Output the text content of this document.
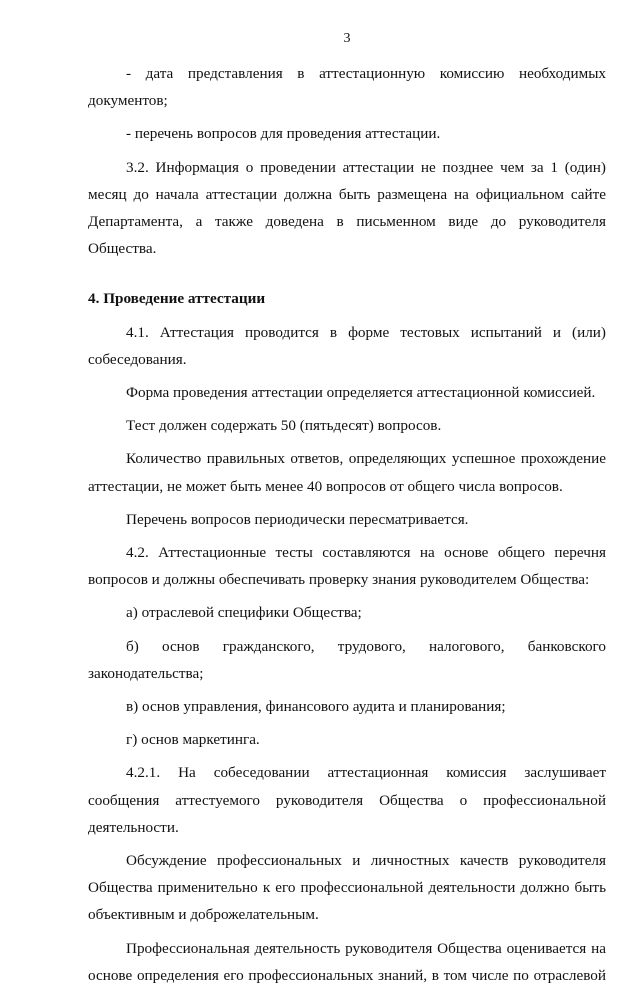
3

- дата представления в аттестационную комиссию необходимых
документов;

- перечень вопросов для проведения аттестации.

3.2. Информация о проведении аттестации не позднее чем за 1 (один) месяц до начала аттестации должна быть размещена на официальном сайте Департамента, а также доведена в письменном виде до руководителя Общества.

4. Проведение аттестации

4.1. Аттестация проводится в форме тестовых испытаний и (или) собеседования.

Форма проведения аттестации определяется аттестационной комиссией.

Тест должен содержать 50 (пятьдесят) вопросов.

Количество правильных ответов, определяющих успешное прохождение аттестации, не может быть менее 40 вопросов от общего числа вопросов.

Перечень вопросов периодически пересматривается.

4.2. Аттестационные тесты составляются на основе общего перечня вопросов и должны обеспечивать проверку знания руководителем Общества:

а) отраслевой специфики Общества;

б) основ гражданского, трудового, налогового, банковского
законодательства;

в) основ управления, финансового аудита и планирования;

г) основ маркетинга.

4.2.1. На собеседовании аттестационная комиссия заслушивает сообщения аттестуемого руководителя Общества о профессиональной деятельности.

Обсуждение профессиональных и личностных качеств руководителя Общества применительно к его профессиональной деятельности должно быть объективным и доброжелательным.

Профессиональная деятельность руководителя Общества оценивается на основе определения его профессиональных знаний, в том числе по отраслевой
